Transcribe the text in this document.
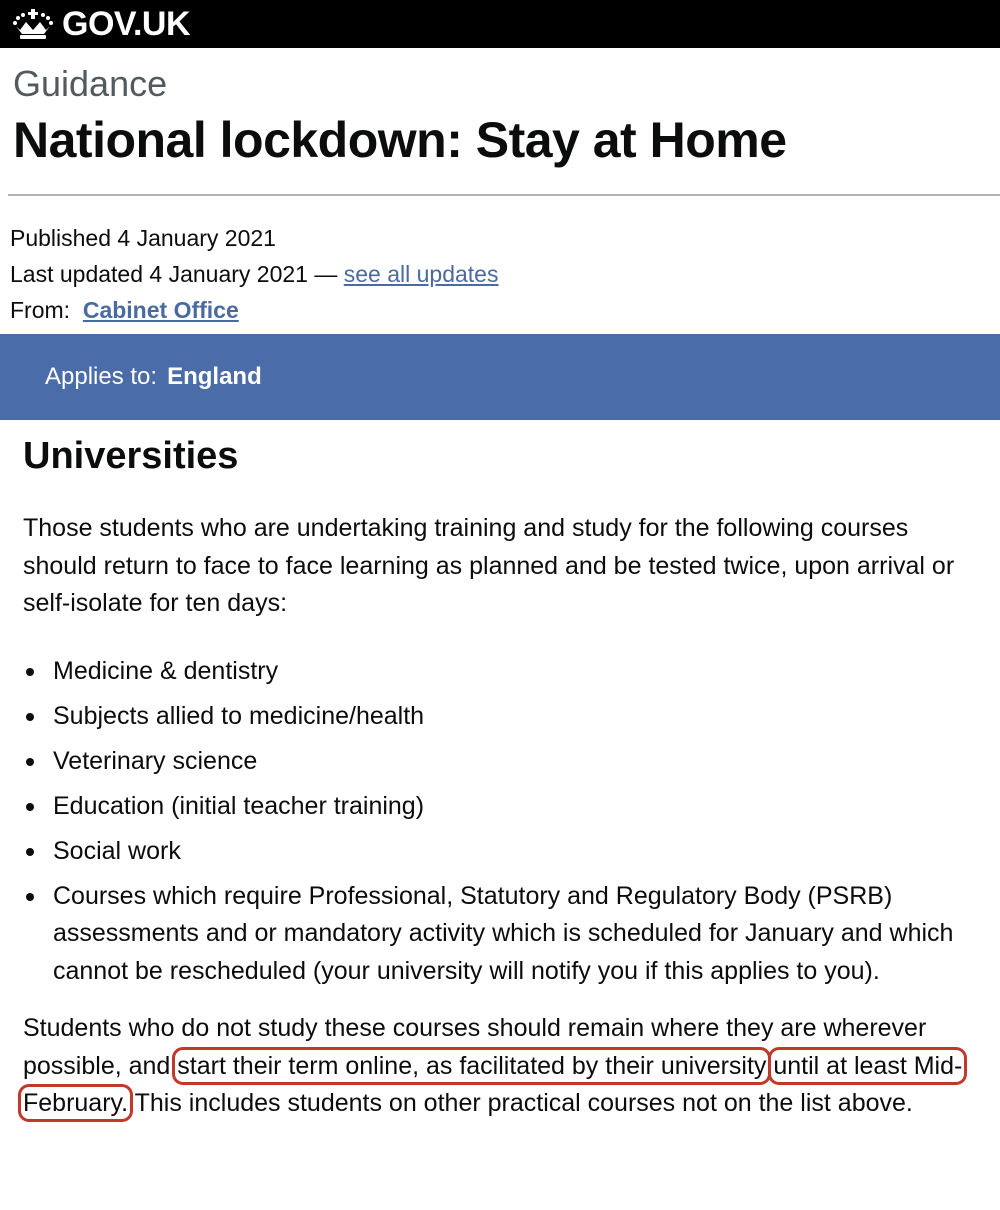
GOV.UK
Guidance
National lockdown: Stay at Home
Published 4 January 2021
Last updated 4 January 2021 — see all updates
From: Cabinet Office
Applies to: England
Universities

Those students who are undertaking training and study for the following courses should return to face to face learning as planned and be tested twice, upon arrival or self-isolate for ten days:

Medicine & dentistry
Subjects allied to medicine/health
Veterinary science
Education (initial teacher training)
Social work
Courses which require Professional, Statutory and Regulatory Body (PSRB) assessments and or mandatory activity which is scheduled for January and which cannot be rescheduled (your university will notify you if this applies to you).

Students who do not study these courses should remain where they are wherever possible, and start their term online, as facilitated by their university until at least Mid-February. This includes students on other practical courses not on the list above.
